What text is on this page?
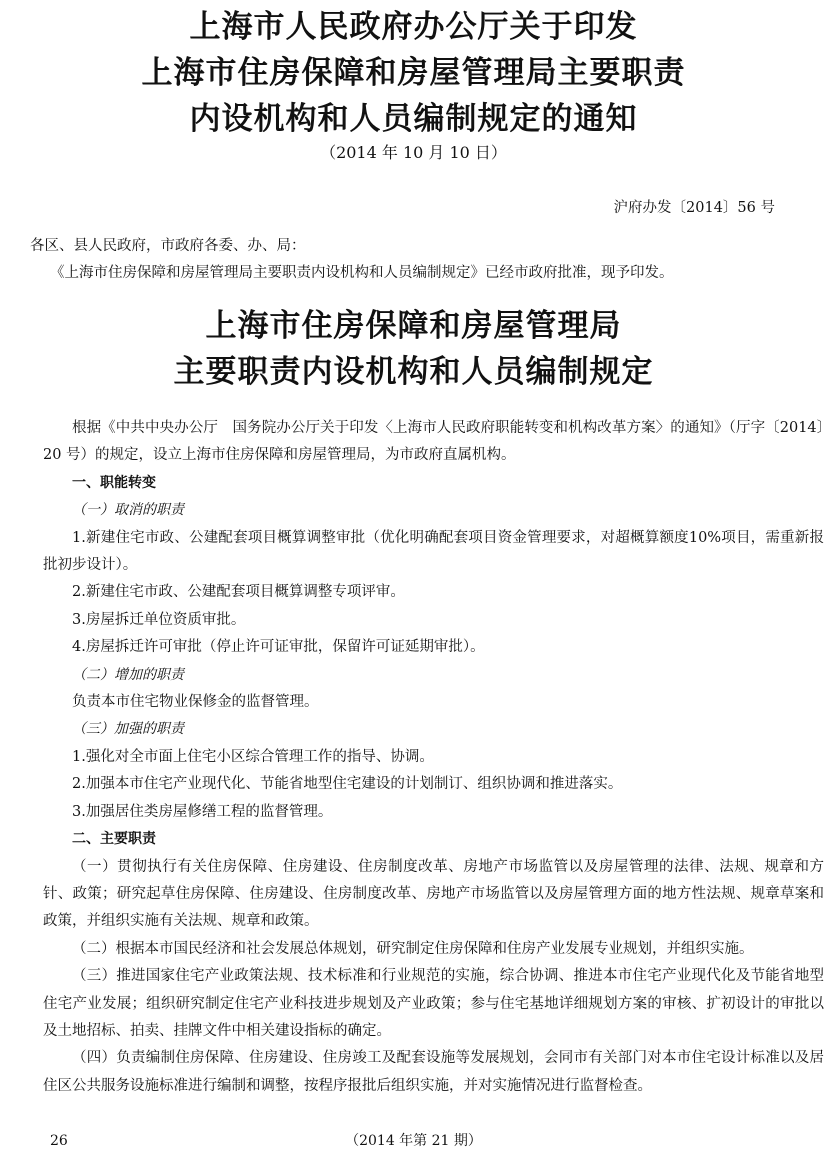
上海市人民政府办公厅关于印发
上海市住房保障和房屋管理局主要职责
内设机构和人员编制规定的通知
（2014 年 10 月 10 日）
沪府办发〔2014〕56 号

各区、县人民政府，市政府各委、办、局：

《上海市住房保障和房屋管理局主要职责内设机构和人员编制规定》已经市政府批准，现予印发。

上海市住房保障和房屋管理局
主要职责内设机构和人员编制规定

根据《中共中央办公厅　国务院办公厅关于印发〈上海市人民政府职能转变和机构改革方案〉的通知》（厅字〔2014〕20 号）的规定，设立上海市住房保障和房屋管理局，为市政府直属机构。

一、职能转变

（一）取消的职责

1.新建住宅市政、公建配套项目概算调整审批（优化明确配套项目资金管理要求，对超概算额度10%项目，需重新报批初步设计）。

2.新建住宅市政、公建配套项目概算调整专项评审。

3.房屋拆迁单位资质审批。

4.房屋拆迁许可审批（停止许可证审批，保留许可证延期审批）。

（二）增加的职责

负责本市住宅物业保修金的监督管理。

（三）加强的职责

1.强化对全市面上住宅小区综合管理工作的指导、协调。

2.加强本市住宅产业现代化、节能省地型住宅建设的计划制订、组织协调和推进落实。

3.加强居住类房屋修缮工程的监督管理。

二、主要职责

（一）贯彻执行有关住房保障、住房建设、住房制度改革、房地产市场监管以及房屋管理的法律、法规、规章和方针、政策；研究起草住房保障、住房建设、住房制度改革、房地产市场监管以及房屋管理方面的地方性法规、规章草案和政策，并组织实施有关法规、规章和政策。

（二）根据本市国民经济和社会发展总体规划，研究制定住房保障和住房产业发展专业规划，并组织实施。

（三）推进国家住宅产业政策法规、技术标准和行业规范的实施，综合协调、推进本市住宅产业现代化及节能省地型住宅产业发展；组织研究制定住宅产业科技进步规划及产业政策；参与住宅基地详细规划方案的审核、扩初设计的审批以及土地招标、拍卖、挂牌文件中相关建设指标的确定。

（四）负责编制住房保障、住房建设、住房竣工及配套设施等发展规划，会同市有关部门对本市住宅设计标准以及居住区公共服务设施标准进行编制和调整，按程序报批后组织实施，并对实施情况进行监督检查。

26	（2014 年第 21 期）
